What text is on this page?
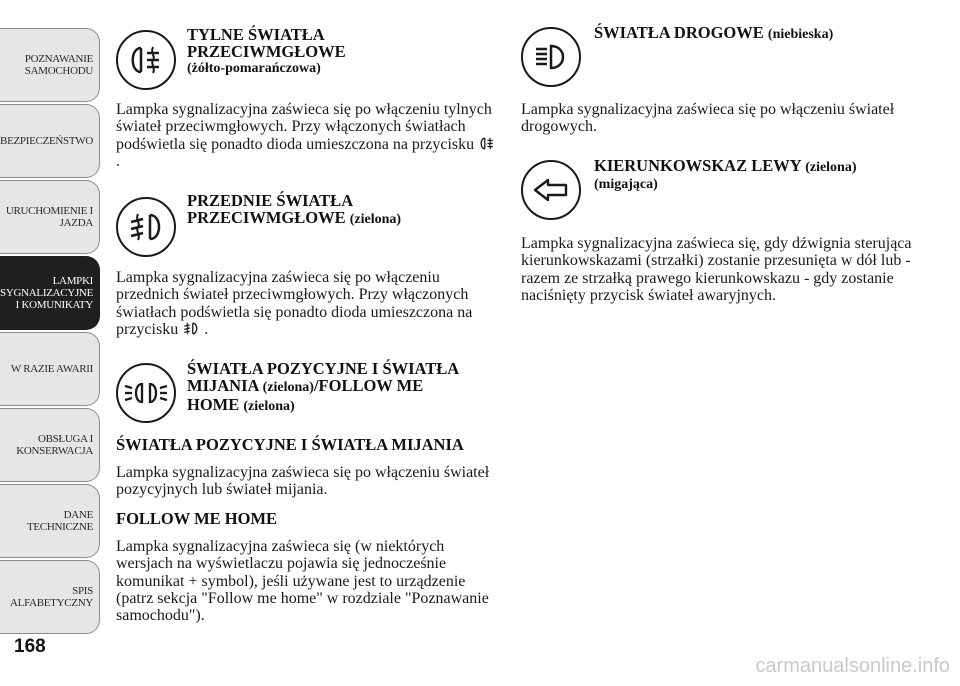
POZNAWANIE
SAMOCHODU
BEZPIECZEŃSTWO
URUCHOMIENIE I
JAZDA
LAMPKI
SYGNALIZACYJNE
I KOMUNIKATY
W RAZIE AWARII
OBSŁUGA I
KONSERWACJA
DANE
TECHNICZNE
SPIS
ALFABETYCZNY
168
carmanualsonline.info
TYLNE ŚWIATŁA
PRZECIWMGŁOWE
(żółto-pomarańczowa)
Lampka sygnalizacyjna zaświeca się po włączeniu tylnych świateł przeciwmgłowych. Przy włączonych światłach podświetla się ponadto dioda umieszczona na przycisku  .
PRZEDNIE ŚWIATŁA
PRZECIWMGŁOWE (zielona)
Lampka sygnalizacyjna zaświeca się po włączeniu przednich świateł przeciwmgłowych. Przy włączonych światłach podświetla się ponadto dioda umieszczona na przycisku .
ŚWIATŁA POZYCYJNE I ŚWIATŁA
MIJANIA (zielona)/FOLLOW ME
HOME (zielona)
ŚWIATŁA POZYCYJNE I ŚWIATŁA MIJANIA
Lampka sygnalizacyjna zaświeca się po włączeniu świateł pozycyjnych lub świateł mijania.
FOLLOW ME HOME
Lampka sygnalizacyjna zaświeca się (w niektórych wersjach na wyświetlaczu pojawia się jednocześnie komunikat + symbol), jeśli używane jest to urządzenie (patrz sekcja "Follow me home" w rozdziale "Poznawanie samochodu").
ŚWIATŁA DROGOWE (niebieska)
Lampka sygnalizacyjna zaświeca się po włączeniu świateł drogowych.
KIERUNKOWSKAZ LEWY (zielona)
(migająca)
Lampka sygnalizacyjna zaświeca się, gdy dźwignia sterująca kierunkowskazami (strzałki) zostanie przesunięta w dół lub - razem ze strzałką prawego kierunkowskazu - gdy zostanie naciśnięty przycisk świateł awaryjnych.
